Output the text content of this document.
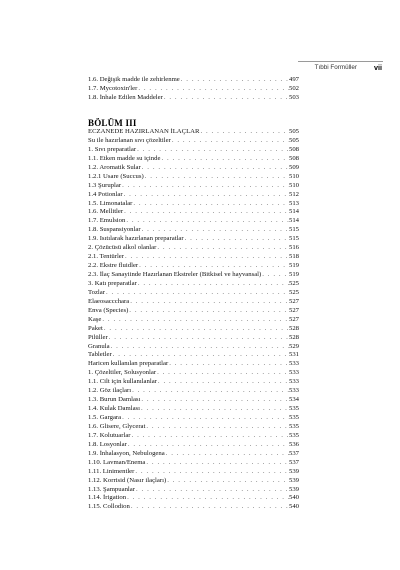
Tıbbi Formüller vii
1.6. Değişik madde ile zehirlenme . . .	497
1.7. Mycotoxin'ler . . .	502
1.8. İnhale Edilen Maddeler . . .	503
BÖLÜM III
ECZANEDE HAZIRLANAN İLAÇLAR . . .	505
Su ile hazırlanan sıvı çözeltiler . . .	505
1. Sıvı preparatlar . . .	508
1.1. Etken madde su içinde . . .	508
1.2. Aromatik Sular . . .	509
1.2.1 Usare (Succus) . . .	510
1.3 Şuruplar . . .	510
1.4 Potionlar . . .	512
1.5. Limonatalar . . .	513
1.6. Mellitler . . .	514
1.7. Emulsion . . .	514
1.8. Suspansiyonlar . . .	515
1.9. Isıtılarak hazırlanan preparatlar . . .	515
2. Çözücüsü alkol olanlar . . .	516
2.1. Tentürler . . .	518
2.2. Ekstre fluidler . . .	519
2.3. İlaç Sanayiinde Hazırlanan Ekstreler (Bitkisel ve hayvansal) . . .	519
3. Katı preparatlar . . .	525
Tozlar . . .	525
Elaeosaccchara . . .	527
Enva (Species) . . .	527
Kaşe . . .	527
Paket . . .	528
Pilüller . . .	528
Granula . . .	529
Tabletler . . .	531
Haricen kullanılan preparatlar . . .	533
1. Çözeltiler, Solusyonlar . . .	533
1.1. Cilt için kullanılanlar . . .	533
1.2. Göz ilaçları . . .	533
1.3. Burun Damlası . . .	534
1.4. Kulak Damlası . . .	535
1.5. Gargara . . .	535
1.6. Glisere, Glycerat . . .	535
1.7. Kolutuarlar . . .	535
1.8. Losyonlar . . .	536
1.9. İnhalasyon, Nebulogena . . .	537
1.10. Lavman/Enema . . .	537
1.11. Linimentler . . .	539
1.12. Korrisid (Nasır ilaçları) . . .	539
1.13. Şampuanlar . . .	539
1.14. İrigation . . .	540
1.15. Collodion . . .	540
